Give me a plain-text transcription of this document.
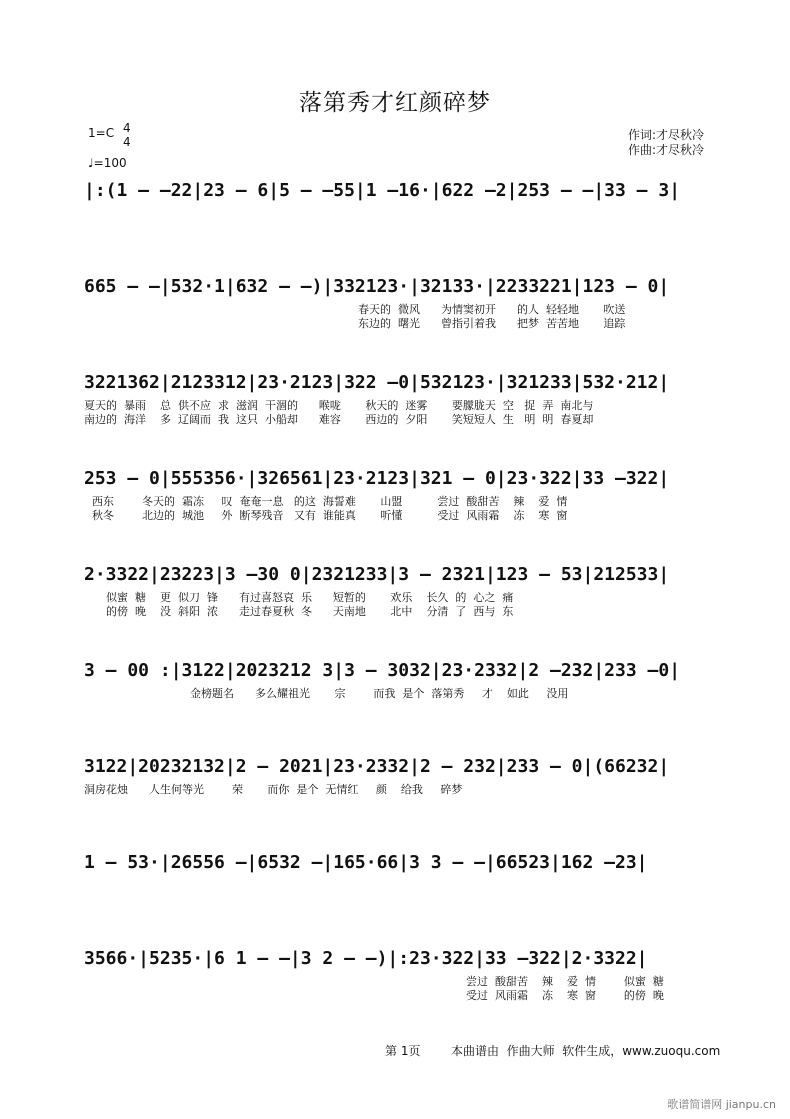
落第秀才红颜碎梦
1=C 4
4
♩=100
作词:才尽秋冷
作曲:才尽秋冷
|:(1 – –22|23 – 6|5 – –55|1 –16·|622 –2|253 – –|33 – 3|
665 – –|532·1|632 – –)|332123·|32133·|2233221|123 – 0|
春天的  微风      为情窦初开      的人  轻轻地       吹送
东边的  曙光      曾指引着我      把梦  苦苦地       追踪
3221362|2123312|23·2123|322 –0|532123·|321233|532·212|
夏天的  暴雨    总  供不应  求  滋润  干涸的      喉咙       秋天的  迷雾       要朦胧天  空   捉  弄  南北与
南边的  海洋    多  辽阔而  我  这只  小船却      难容       西边的  夕阳       笑短短人  生   明  明  春夏却
253 – 0|555356·|326561|23·2123|321 – 0|23·322|33 –322|
西东        冬天的  霜冻     叹  奄奄一息   的这  海誓难       山盟          尝过  酸甜苦    辣    爱  情
秋冬        北边的  城池     外  断琴残音   又有  谁能真       听懂          受过  风雨霜    冻    寒  窗
2·3322|23223|3 –30 0|2321233|3 – 2321|123 – 53|212533|
似蜜  糖    更  似刀  锋      有过喜怒哀  乐      短暂的       欢乐    长久  的  心之  痛
的傍  晚    没  斜阳  浓      走过春夏秋  冬      天南地       北中    分清  了  西与  东
3 – 00 :|3122|2023212 3|3 – 3032|23·2332|2 –232|233 –0|
金榜题名      多么耀祖光       宗        而我  是个  落第秀     才    如此     没用
3122|20232132|2 – 2021|23·2332|2 – 232|233 – 0|(66232|
洞房花烛      人生何等光        荣       而你  是个  无情红     颜    给我     碎梦
1 – 53·|26556 –|6532 –|165·66|3 3 – –|66523|162 –23|
3566·|5235·|6 1 – –|3 2 – –)|:23·322|33 –322|2·3322|
尝过  酸甜苦    辣    爱  情        似蜜  糖
受过  风雨霜    冻    寒  窗        的傍  晚
第 1页	本曲谱由  作曲大师  软件生成，www.zuoqu.com
歌谱简谱网 jianpu.cn
